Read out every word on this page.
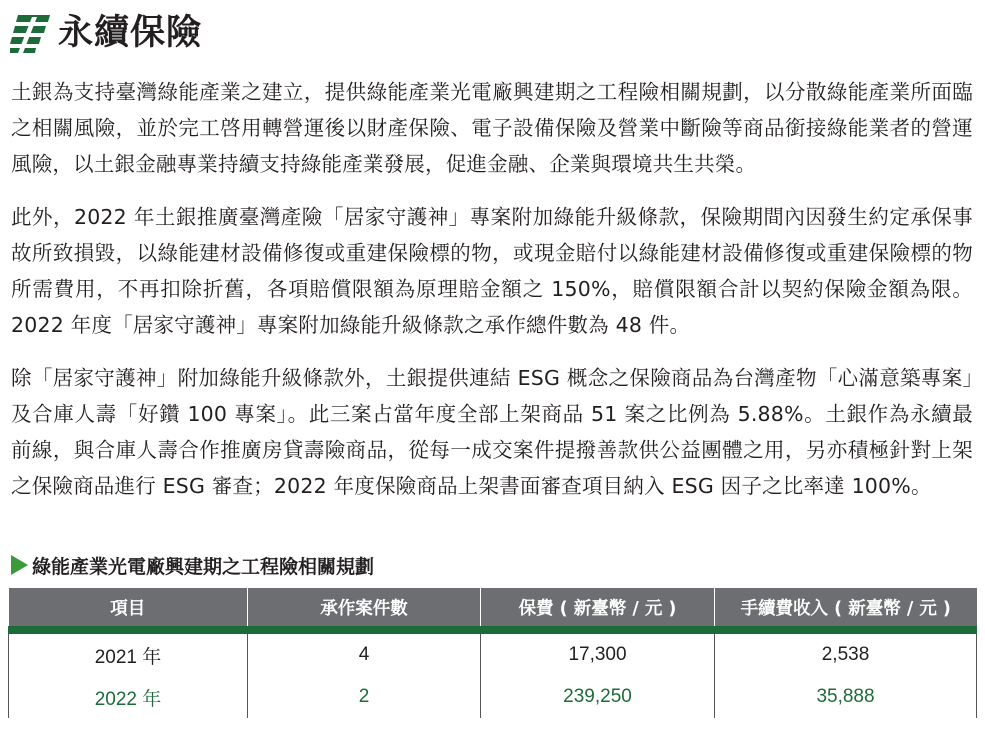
永續保險

土銀為支持臺灣綠能產業之建立，提供綠能產業光電廠興建期之工程險相關規劃，以分散綠能產業所面臨之相關風險，並於完工啓用轉營運後以財產保險、電子設備保險及營業中斷險等商品銜接綠能業者的營運風險，以土銀金融專業持續支持綠能產業發展，促進金融、企業與環境共生共榮。

此外，2022 年土銀推廣臺灣產險「居家守護神」專案附加綠能升級條款，保險期間內因發生約定承保事故所致損毀，以綠能建材設備修復或重建保險標的物，或現金賠付以綠能建材設備修復或重建保險標的物所需費用，不再扣除折舊，各項賠償限額為原理賠金額之 150%，賠償限額合計以契約保險金額為限。2022 年度「居家守護神」專案附加綠能升級條款之承作總件數為 48 件。

除「居家守護神」附加綠能升級條款外，土銀提供連結 ESG 概念之保險商品為台灣產物「心滿意築專案」及合庫人壽「好鑽 100 專案」。此三案占當年度全部上架商品 51 案之比例為 5.88%。土銀作為永續最前線，與合庫人壽合作推廣房貸壽險商品，從每一成交案件提撥善款供公益團體之用，另亦積極針對上架之保險商品進行 ESG 審查；2022 年度保險商品上架書面審查項目納入 ESG 因子之比率達 100%。

綠能產業光電廠興建期之工程險相關規劃
項目	承作案件數	保費 ( 新臺幣 / 元 )	手續費收入 ( 新臺幣 / 元 )
2021 年	4	17,300	2,538
2022 年	2	239,250	35,888
